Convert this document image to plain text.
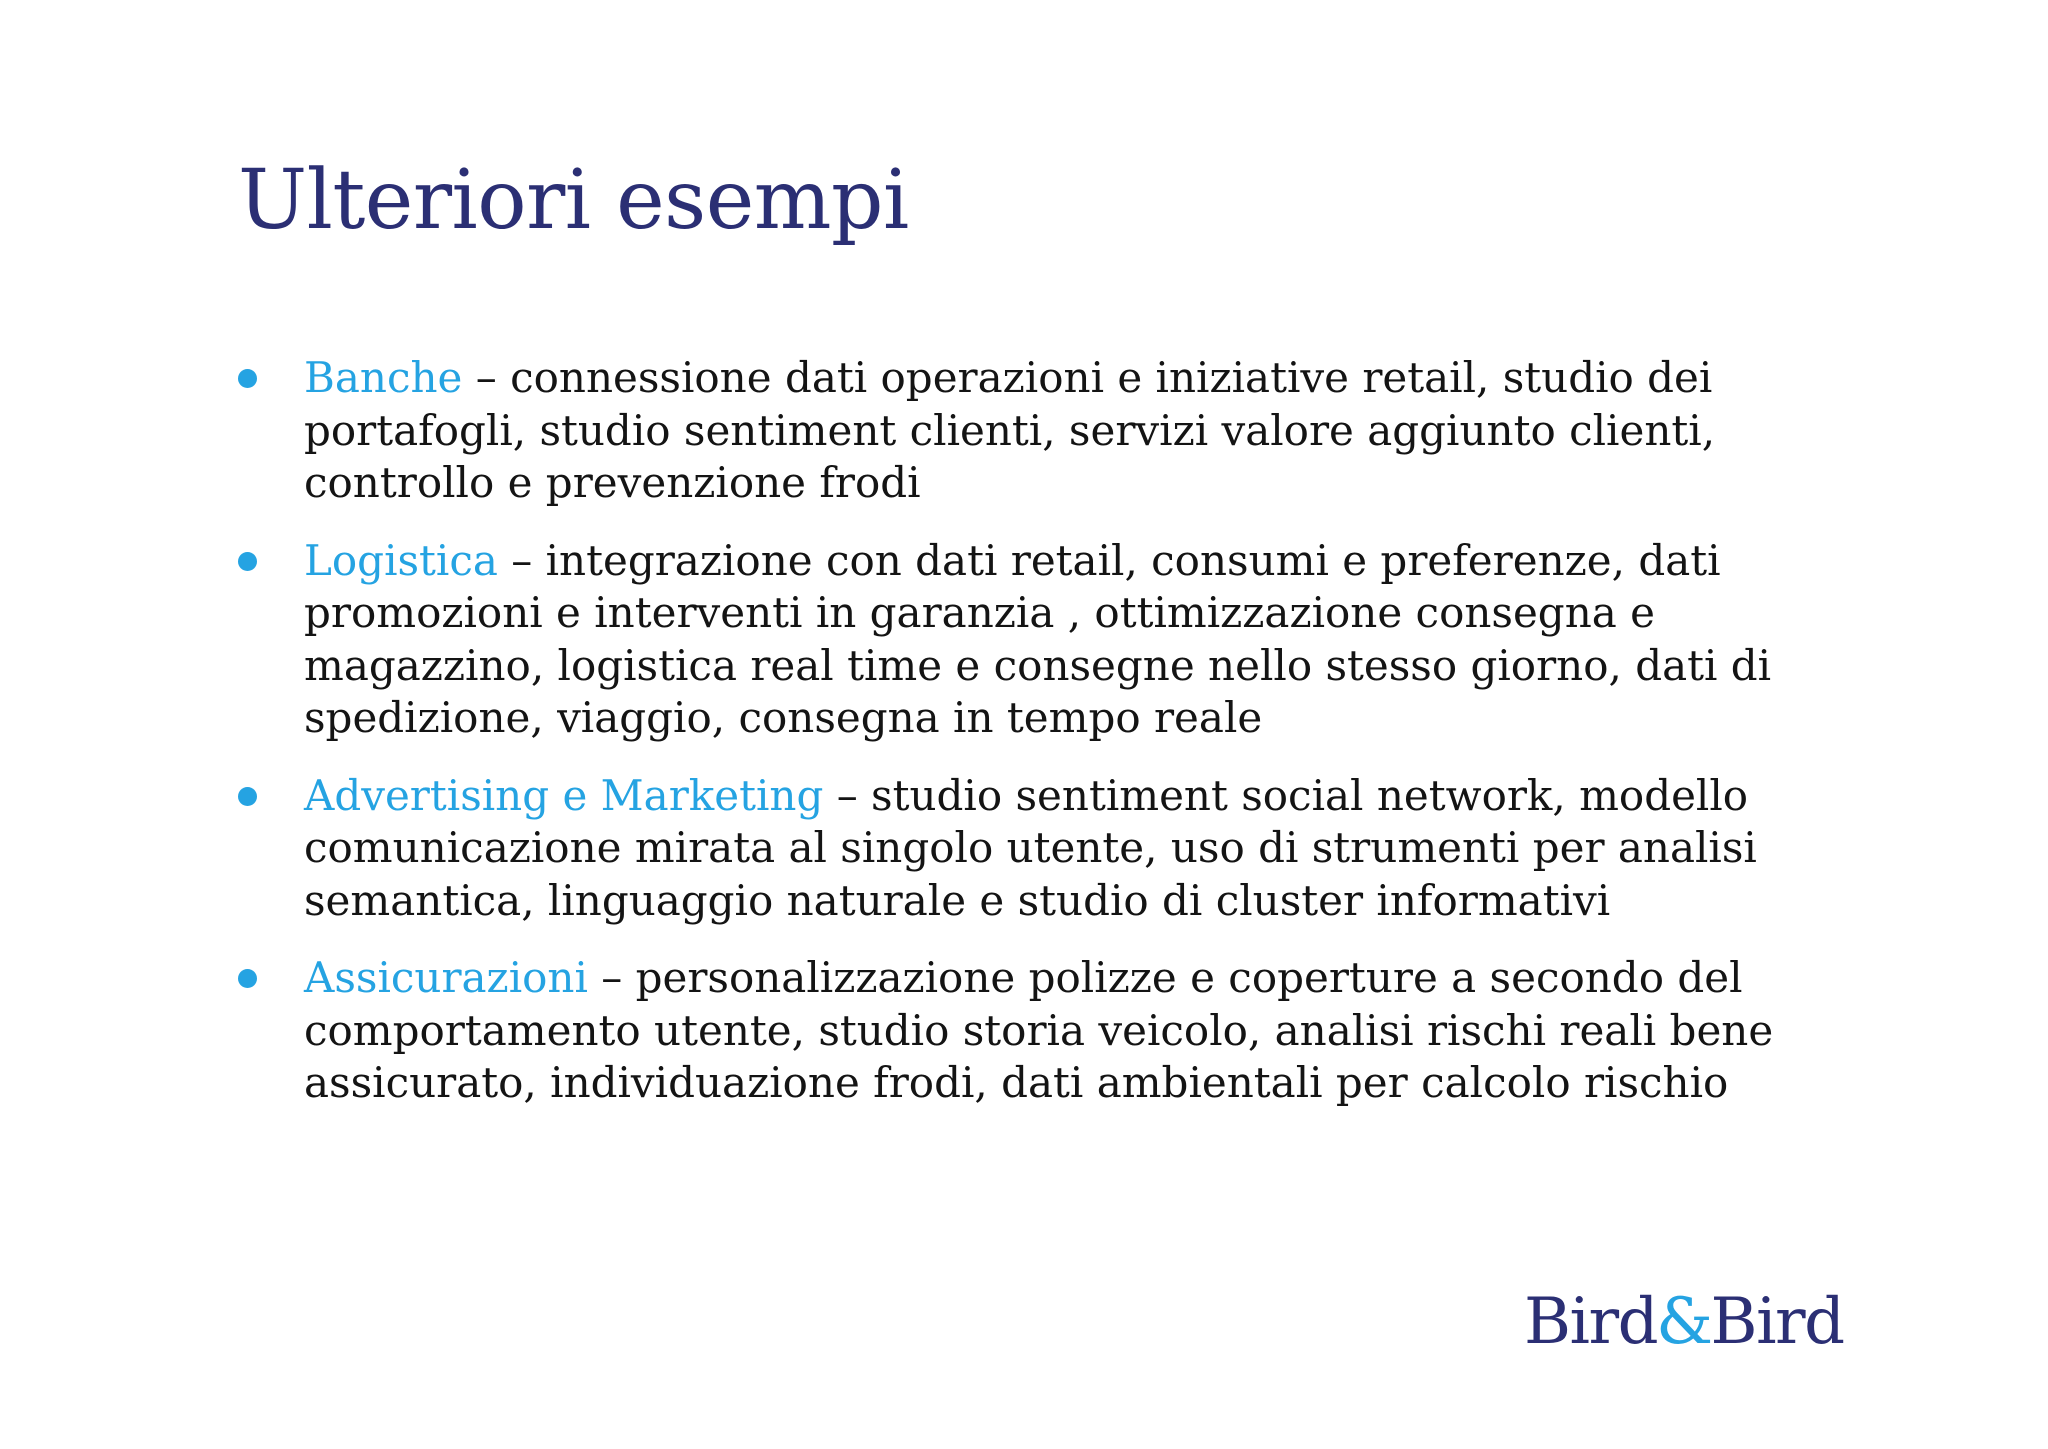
Ulteriori esempi
Banche – connessione dati operazioni e iniziative retail, studio dei portafogli, studio sentiment clienti, servizi valore aggiunto clienti, controllo e prevenzione frodi
Logistica – integrazione con dati retail, consumi e preferenze, dati promozioni e interventi in garanzia , ottimizzazione consegna e magazzino, logistica real time e consegne nello stesso giorno, dati di spedizione, viaggio, consegna in tempo reale
Advertising e Marketing – studio sentiment social network, modello comunicazione mirata al singolo utente, uso di strumenti per analisi semantica, linguaggio naturale e studio di cluster informativi
Assicurazioni – personalizzazione polizze e coperture a secondo del comportamento utente, studio storia veicolo, analisi rischi reali bene assicurato, individuazione frodi, dati ambientali per calcolo rischio
Bird&Bird
